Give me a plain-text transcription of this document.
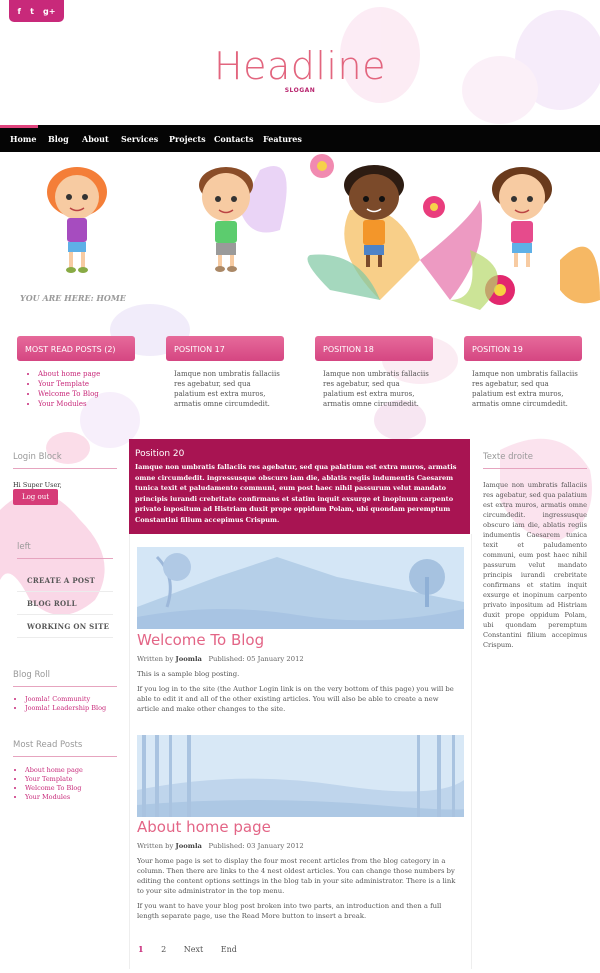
f t g+
Headline
SLOGAN
Home Blog About Services Projects Contacts Features
YOU ARE HERE: HOME
MOST READ POSTS (2)
• About home page
• Your Template
• Welcome To Blog
• Your Modules
POSITION 17
Iamque non umbratis fallaciis res agebatur, sed qua palatium est extra muros, armatis omne circumdedit.
POSITION 18
Iamque non umbratis fallaciis res agebatur, sed qua palatium est extra muros, armatis omne circumdedit.
POSITION 19
Iamque non umbratis fallaciis res agebatur, sed qua palatium est extra muros, armatis omne circumdedit.
Login Block
Hi Super User,
Log out
left
CREATE A POST
BLOG ROLL
WORKING ON SITE
Blog Roll
• Joomla! Community
• Joomla! Leadership Blog
Most Read Posts
• About home page
• Your Template
• Welcome To Blog
• Your Modules
Position 20
Iamque non umbratis fallaciis res agebatur, sed qua palatium est extra muros, armatis omne circumdedit. ingressusque obscuro iam die, ablatis regiis indumentis Caesarem tunica texit et paludamento communi, eum post haec nihil passurum velut mandato principis iurandi crebritate confirmans et statim inquit exsurge et inopinum carpento privato inpositum ad Histriam duxit prope oppidum Polam, ubi quondam peremptum Constantini filium accepimus Crispum.
Welcome To Blog
Written by Joomla Published: 05 January 2012
This is a sample blog posting.
If you log in to the site (the Author Login link is on the very bottom of this page) you will be able to edit it and all of the other existing articles. You will also be able to create a new article and make other changes to the site.
About home page
Written by Joomla Published: 03 January 2012
Your home page is set to display the four most recent articles from the blog category in a column. Then there are links to the 4 nest oldest articles. You can change those numbers by editing the content options settings in the blog tab in your site administrator. There is a link to your site administrator in the top menu.
If you want to have your blog post broken into two parts, an introduction and then a full length separate page, use the Read More button to insert a break.
1 2 Next End
Texte droite
Iamque non umbratis fallaciis res agebatur, sed qua palatium est extra muros, armatis omne circumdedit. ingressusque obscuro iam die, ablatis regiis indumentis Caesarem tunica texit et paludamento communi, eum post haec nihil passurum velut mandato principis iurandi crebritate confirmans et statim inquit exsurge et inopinum carpento privato inpositum ad Histriam duxit prope oppidum Polam, ubi quondam peremptum Constantini filium accepimus Crispum.
